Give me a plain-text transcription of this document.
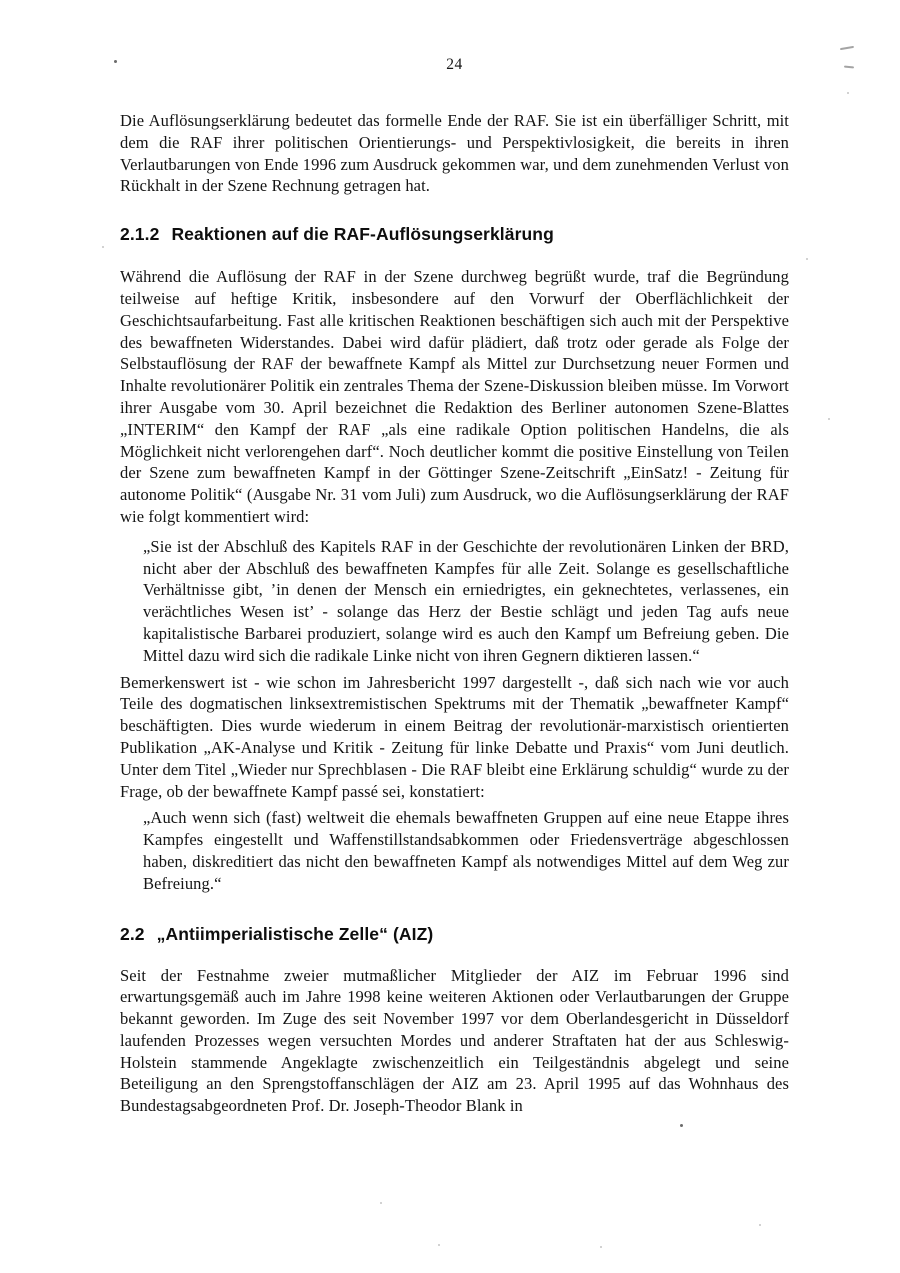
24

Die Auflösungserklärung bedeutet das formelle Ende der RAF. Sie ist ein überfälliger Schritt, mit dem die RAF ihrer politischen Orientierungs- und Perspektivlosigkeit, die bereits in ihren Verlautbarungen von Ende 1996 zum Ausdruck gekommen war, und dem zunehmenden Verlust von Rückhalt in der Szene Rechnung getragen hat.

2.1.2 Reaktionen auf die RAF-Auflösungserklärung

Während die Auflösung der RAF in der Szene durchweg begrüßt wurde, traf die Begründung teilweise auf heftige Kritik, insbesondere auf den Vorwurf der Oberflächlichkeit der Geschichtsaufarbeitung. Fast alle kritischen Reaktionen beschäftigen sich auch mit der Perspektive des bewaffneten Widerstandes. Dabei wird dafür plädiert, daß trotz oder gerade als Folge der Selbstauflösung der RAF der bewaffnete Kampf als Mittel zur Durchsetzung neuer Formen und Inhalte revolutionärer Politik ein zentrales Thema der Szene-Diskussion bleiben müsse. Im Vorwort ihrer Ausgabe vom 30. April bezeichnet die Redaktion des Berliner autonomen Szene-Blattes „INTERIM“ den Kampf der RAF „als eine radikale Option politischen Handelns, die als Möglichkeit nicht verlorengehen darf“. Noch deutlicher kommt die positive Einstellung von Teilen der Szene zum bewaffneten Kampf in der Göttinger Szene-Zeitschrift „EinSatz! - Zeitung für autonome Politik“ (Ausgabe Nr. 31 vom Juli) zum Ausdruck, wo die Auflösungserklärung der RAF wie folgt kommentiert wird:

„Sie ist der Abschluß des Kapitels RAF in der Geschichte der revolutionären Linken der BRD, nicht aber der Abschluß des bewaffneten Kampfes für alle Zeit. Solange es gesellschaftliche Verhältnisse gibt, ’in denen der Mensch ein erniedrigtes, ein geknechtetes, verlassenes, ein verächtliches Wesen ist’ - solange das Herz der Bestie schlägt und jeden Tag aufs neue kapitalistische Barbarei produziert, solange wird es auch den Kampf um Befreiung geben. Die Mittel dazu wird sich die radikale Linke nicht von ihren Gegnern diktieren lassen.“

Bemerkenswert ist - wie schon im Jahresbericht 1997 dargestellt -, daß sich nach wie vor auch Teile des dogmatischen linksextremistischen Spektrums mit der Thematik „bewaffneter Kampf“ beschäftigten. Dies wurde wiederum in einem Beitrag der revolutionär-marxistisch orientierten Publikation „AK-Analyse und Kritik - Zeitung für linke Debatte und Praxis“ vom Juni deutlich. Unter dem Titel „Wieder nur Sprechblasen - Die RAF bleibt eine Erklärung schuldig“ wurde zu der Frage, ob der bewaffnete Kampf passé sei, konstatiert:

„Auch wenn sich (fast) weltweit die ehemals bewaffneten Gruppen auf eine neue Etappe ihres Kampfes eingestellt und Waffenstillstandsabkommen oder Friedensverträge abgeschlossen haben, diskreditiert das nicht den bewaffneten Kampf als notwendiges Mittel auf dem Weg zur Befreiung.“
2.2 „Antiimperialistische Zelle“ (AIZ)

Seit der Festnahme zweier mutmaßlicher Mitglieder der AIZ im Februar 1996 sind erwartungsgemäß auch im Jahre 1998 keine weiteren Aktionen oder Verlautbarungen der Gruppe bekannt geworden. Im Zuge des seit November 1997 vor dem Oberlandesgericht in Düsseldorf laufenden Prozesses wegen versuchten Mordes und anderer Straftaten hat der aus Schleswig-Holstein stammende Angeklagte zwischenzeitlich ein Teilgeständnis abgelegt und seine Beteiligung an den Sprengstoffanschlägen der AIZ am 23. April 1995 auf das Wohnhaus des Bundestagsabgeordneten Prof. Dr. Joseph-Theodor Blank in
